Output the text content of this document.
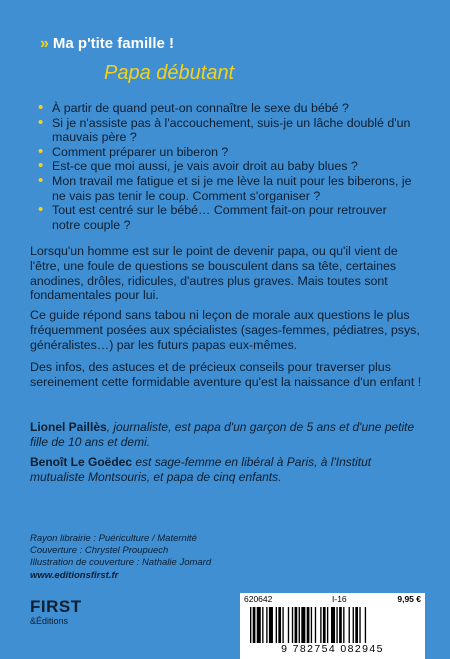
» Ma p'tite famille !
Papa débutant
• À partir de quand peut-on connaître le sexe du bébé ?
• Si je n'assiste pas à l'accouchement, suis-je un lâche doublé d'un mauvais père ?
• Comment préparer un biberon ?
• Est-ce que moi aussi, je vais avoir droit au baby blues ?
• Mon travail me fatigue et si je me lève la nuit pour les biberons, je ne vais pas tenir le coup. Comment s'organiser ?
• Tout est centré sur le bébé… Comment fait-on pour retrouver notre couple ?
Lorsqu'un homme est sur le point de devenir papa, ou qu'il vient de l'être, une foule de questions se bousculent dans sa tête, certaines anodines, drôles, ridicules, d'autres plus graves. Mais toutes sont fondamentales pour lui.
Ce guide répond sans tabou ni leçon de morale aux questions le plus fréquemment posées aux spécialistes (sages-femmes, pédiatres, psys, généralistes…) par les futurs papas eux-mêmes.
Des infos, des astuces et de précieux conseils pour traverser plus sereinement cette formidable aventure qu'est la naissance d'un enfant !
Lionel Paillès, journaliste, est papa d'un garçon de 5 ans et d'une petite fille de 10 ans et demi.
Benoît Le Goëdec est sage-femme en libéral à Paris, à l'Institut mutualiste Montsouris, et papa de cinq enfants.
Rayon librairie : Puériculture / Maternité
Couverture : Chrystel Proupuech
Illustration de couverture : Nathalie Jomard
www.editionsfirst.fr
FIRST
&Éditions
620642	I-16	9,95 €
9 782754 082945
